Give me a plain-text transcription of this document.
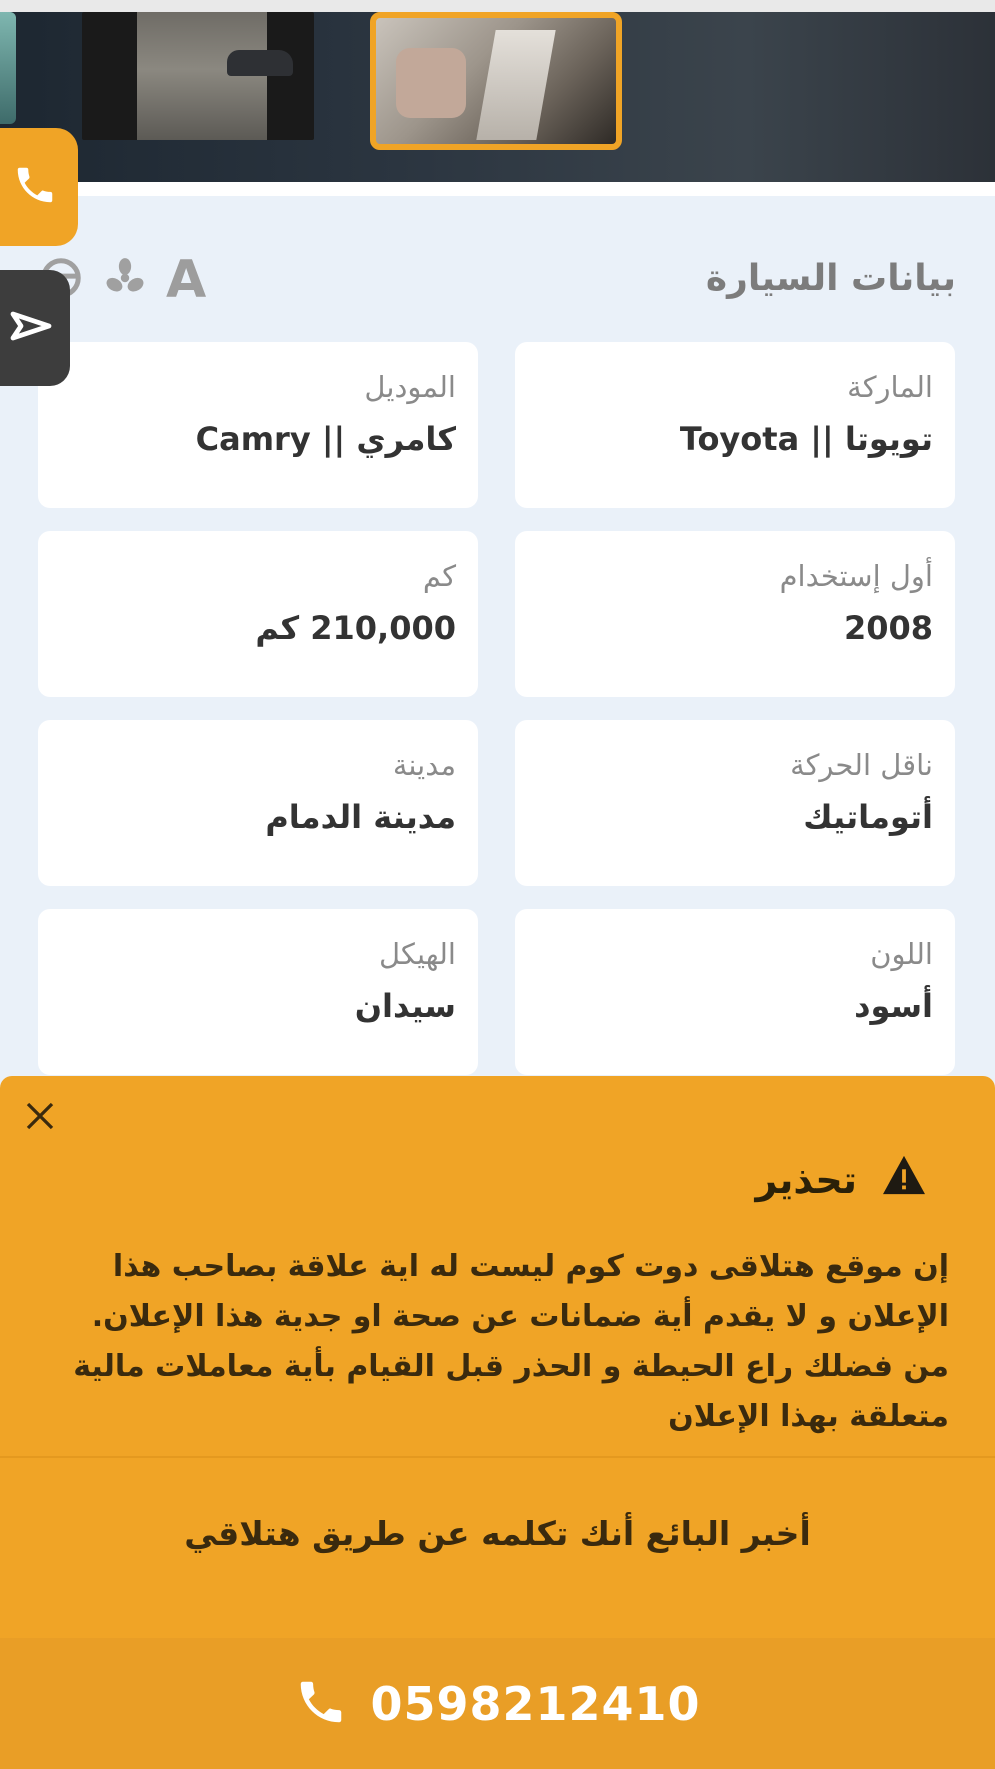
بيانات السيارة
A
الماركة
تويوتا || Toyota
الموديل
كامري || Camry
أول إستخدام
2008
كم
210,000 كم
ناقل الحركة
أتوماتيك
مدينة
مدينة الدمام
اللون
أسود
الهيكل
سيدان
تحذير
إن موقع هتلاقى دوت كوم ليست له اية علاقة بصاحب هذا الإعلان و لا يقدم أية ضمانات عن صحة او جدية هذا الإعلان. من فضلك راع الحيطة و الحذر قبل القيام بأية معاملات مالية متعلقة بهذا الإعلان
أخبر البائع أنك تكلمه عن طريق هتلاقي
0598212410
